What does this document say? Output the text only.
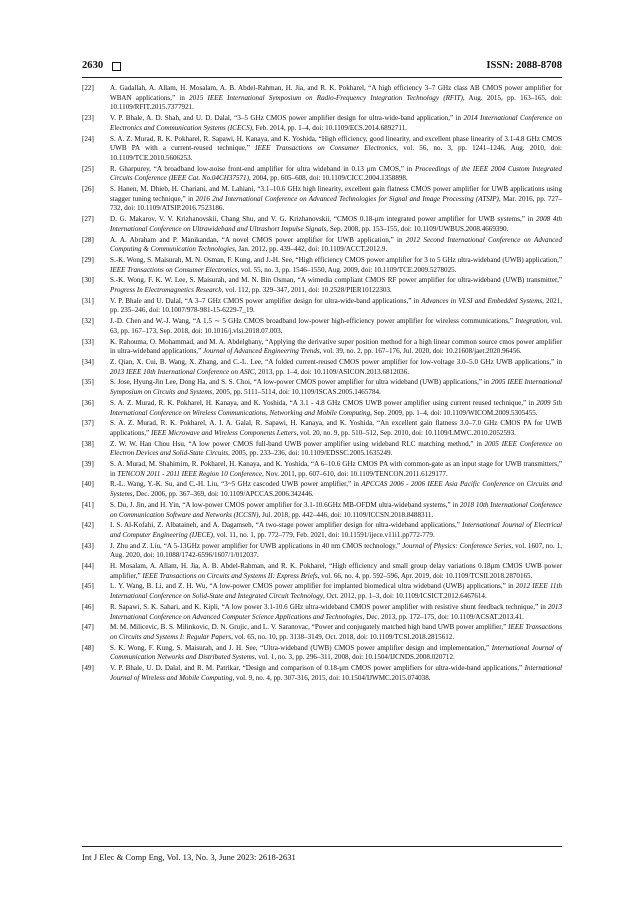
2630	ISSN: 2088-8708
[22] A. Gadallah, A. Allam, H. Mosalam, A. B. Abdel-Rahman, H. Jia, and R. K. Pokharel, “A high efficiency 3–7 GHz class AB CMOS power amplifier for WBAN applications,” in 2015 IEEE International Symposium on Radio-Frequency Integration Technology (RFIT), Aug. 2015, pp. 163–165, doi: 10.1109/RFIT.2015.7377921.
[23] V. P. Bhale, A. D. Shah, and U. D. Dalal, “3–5 GHz CMOS power amplifier design for ultra-wide-band application,” in 2014 International Conference on Electronics and Communication Systems (ICECS), Feb. 2014, pp. 1–4, doi: 10.1109/ECS.2014.6892711.
[24] S. A. Z. Murad, R. K. Pokharel, R. Sapawi, H. Kanaya, and K. Yoshida, “High efficiency, good linearity, and excellent phase linearity of 3.1-4.8 GHz CMOS UWB PA with a current-reused technique,” IEEE Transactions on Consumer Electronics, vol. 56, no. 3, pp. 1241–1246, Aug. 2010, doi: 10.1109/TCE.2010.5606253.
[25] R. Gharpurey, “A broadband low-noise front-end amplifier for ultra wideband in 0.13 μm CMOS,” in Proceedings of the IEEE 2004 Custom Integrated Circuits Conference (IEEE Cat. No.04CH37571), 2004, pp. 605–608, doi: 10.1109/CICC.2004.1358898.
[26] S. Hanen, M. Dhieb, H. Chariani, and M. Lahiani, “3.1–10.6 GHz high linearity, excellent gain flatness CMOS power amplifier for UWB applications using stagger tuning technique,” in 2016 2nd International Conference on Advanced Technologies for Signal and Image Processing (ATSIP), Mar. 2016, pp. 727–732, doi: 10.1109/ATSIP.2016.7523186.
[27] D. G. Makarov, V. V. Krizhanovskii, Chang Shu, and V. G. Krizhanovskii, “CMOS 0.18-μm integrated power amplifier for UWB systems,” in 2008 4th International Conference on Ultrawideband and Ultrashort Impulse Signals, Sep. 2008, pp. 153–155, doi: 10.1109/UWBUS.2008.4669390.
[28] A. A. Abraham and P. Manikandan, “A novel CMOS power amplifier for UWB application,” in 2012 Second International Conference on Advanced Computing & Communication Technologies, Jan. 2012, pp. 439–442, doi: 10.1109/ACCT.2012.9.
[29] S.-K. Wong, S. Maisurah, M. N. Osman, F. Kung, and J.-H. See, “High efficiency CMOS power amplifier for 3 to 5 GHz ultra-wideband (UWB) application,” IEEE Transactions on Consumer Electronics, vol. 55, no. 3, pp. 1546–1550, Aug. 2009, doi: 10.1109/TCE.2009.5278025.
[30] S.-K. Wong, F. K. W. Lee, S. Maisurah, and M. N. Bin Osman, “A wimedia compliant CMOS RF power amplifier for ultra-wideband (UWB) transmitter,” Progress In Electromagnetics Research, vol. 112, pp. 329–347, 2011, doi: 10.2528/PIER10122303.
[31] V. P. Bhale and U. Dalal, “A 3–7 GHz CMOS power amplifier design for ultra-wide-band applications,” in Advances in VLSI and Embedded Systems, 2021, pp. 235–246, doi: 10.1007/978-981-15-6229-7_19.
[32] J.-D. Chen and W.-J. Wang, “A 1.5 ∼ 5 GHz CMOS broadband low-power high-efficiency power amplifier for wireless communications,” Integration, vol. 63, pp. 167–173, Sep. 2018, doi: 10.1016/j.vlsi.2018.07.003.
[33] K. Rahouma, O. Mohammad, and M. A. Abdelghany, “Applying the derivative super position method for a high linear common source cmos power amplifier in ultra-wideband applications,” Journal of Advanced Engineering Trends, vol. 39, no. 2, pp. 167–176, Jul. 2020, doi: 10.21608/jaet.2020.96456.
[34] Z. Qian, X. Cui, B. Wang, X. Zhang, and C.-L. Lee, “A folded current-reused CMOS power amplifier for low-voltage 3.0–5.0 GHz UWB applications,” in 2013 IEEE 10th International Conference on ASIC, 2013, pp. 1–4, doi: 10.1109/ASICON.2013.6812036.
[35] S. Jose, Hyung-Jin Lee, Dong Ha, and S. S. Choi, “A low-power CMOS power amplifier for ultra wideband (UWB) applications,” in 2005 IEEE International Symposium on Circuits and Systems, 2005, pp. 5111–5114, doi: 10.1109/ISCAS.2005.1465784.
[36] S. A. Z. Murad, R. K. Pokharel, H. Kanaya, and K. Yoshida, “A 3.1 - 4.8 GHz CMOS UWB power amplifier using current reused technique,” in 2009 5th International Conference on Wireless Communications, Networking and Mobile Computing, Sep. 2009, pp. 1–4, doi: 10.1109/WICOM.2009.5305455.
[37] S. A. Z. Murad, R. K. Pokharel, A. I. A. Galal, R. Sapawi, H. Kanaya, and K. Yoshida, “An excellent gain flatness 3.0–7.0 GHz CMOS PA for UWB applications,” IEEE Microwave and Wireless Components Letters, vol. 20, no. 9, pp. 510–512, Sep. 2010, doi: 10.1109/LMWC.2010.2052593.
[38] Z. W. W. Han Chou Hsu, “A low power CMOS full-band UWB power amplifier using wideband RLC matching method,” in 2005 IEEE Conference on Electron Devices and Solid-State Circuits, 2005, pp. 233–236, doi: 10.1109/EDSSC.2005.1635249.
[39] S. A. Murad, M. Shahimim, R. Pokharel, H. Kanaya, and K. Yoshida, “A 6–10.6 GHz CMOS PA with common-gate as an input stage for UWB transmitters,” in TENCON 2011 - 2011 IEEE Region 10 Conference, Nov. 2011, pp. 607–610, doi: 10.1109/TENCON.2011.6129177.
[40] R.-L. Wang, Y.-K. Su, and C.-H. Liu, “3~5 GHz cascoded UWB power amplifier,” in APCCAS 2006 - 2006 IEEE Asia Pacific Conference on Circuits and Systems, Dec. 2006, pp. 367–369, doi: 10.1109/APCCAS.2006.342446.
[41] S. Du, J. Jin, and H. Yin, “A low-power CMOS power amplifier for 3.1-10.6GHz MB-OFDM ultra-wideband systems,” in 2018 10th International Conference on Communication Software and Networks (ICCSN), Jul. 2018, pp. 442–446, doi: 10.1109/ICCSN.2018.8488311.
[42] I. S. Al-Kofahi, Z. Albataineh, and A. Dagamseh, “A two-stage power amplifier design for ultra-wideband applications,” International Journal of Electrical and Computer Engineering (IJECE), vol. 11, no. 1, pp. 772–779, Feb. 2021, doi: 10.11591/ijece.v11i1.pp772-779.
[43] J. Zhu and Z. Liu, “A 5-13GHz power amplifier for UWB applications in 40 nm CMOS technology,” Journal of Physics: Conference Series, vol. 1607, no. 1, Aug. 2020, doi: 10.1088/1742-6596/1607/1/012037.
[44] H. Mosalam, A. Allam, H. Jia, A. B. Abdel-Rahman, and R. K. Pokharel, “High efficiency and small group delay variations 0.18μm CMOS UWB power amplifier,” IEEE Transactions on Circuits and Systems II: Express Briefs, vol. 66, no. 4, pp. 592–596, Apr. 2019, doi: 10.1109/TCSII.2018.2870165.
[45] L. Y. Wang, B. Li, and Z. H. Wu, “A low-power CMOS power amplifier for implanted biomedical ultra wideband (UWB) applications,” in 2012 IEEE 11th International Conference on Solid-State and Integrated Circuit Technology, Oct. 2012, pp. 1–3, doi: 10.1109/ICSICT.2012.6467614.
[46] R. Sapawi, S. K. Sahari, and K. Kipli, “A low power 3.1-10.6 GHz ultra-wideband CMOS power amplifier with resistive shunt feedback technique,” in 2013 International Conference on Advanced Computer Science Applications and Technologies, Dec. 2013, pp. 172–175, doi: 10.1109/ACSAT.2013.41.
[47] M. M. Milicevic, B. S. Milinkovic, D. N. Grujic, and L. V. Saranovac, “Power and conjugately matched high band UWB power amplifier,” IEEE Transactions on Circuits and Systems I: Regular Papers, vol. 65, no. 10, pp. 3138–3149, Oct. 2018, doi: 10.1109/TCSI.2018.2815612.
[48] S. K. Wong, F. Kung, S. Maisurah, and J. H. See, “Ultra-wideband (UWB) CMOS power amplifier design and implementation,” International Journal of Communication Networks and Distributed Systems, vol. 1, no. 3, pp. 296–311, 2008, doi: 10.1504/IJCNDS.2008.020712.
[49] V. P. Bhale, U. D. Dalal, and R. M. Patrikar, “Design and comparison of 0.18-μm CMOS power amplifiers for ultra-wide-band applications,” International Journal of Wireless and Mobile Computing, vol. 9, no. 4, pp. 307-316, 2015, doi: 10.1504/IJWMC.2015.074038.
Int J Elec & Comp Eng, Vol. 13, No. 3, June 2023: 2618-2631
